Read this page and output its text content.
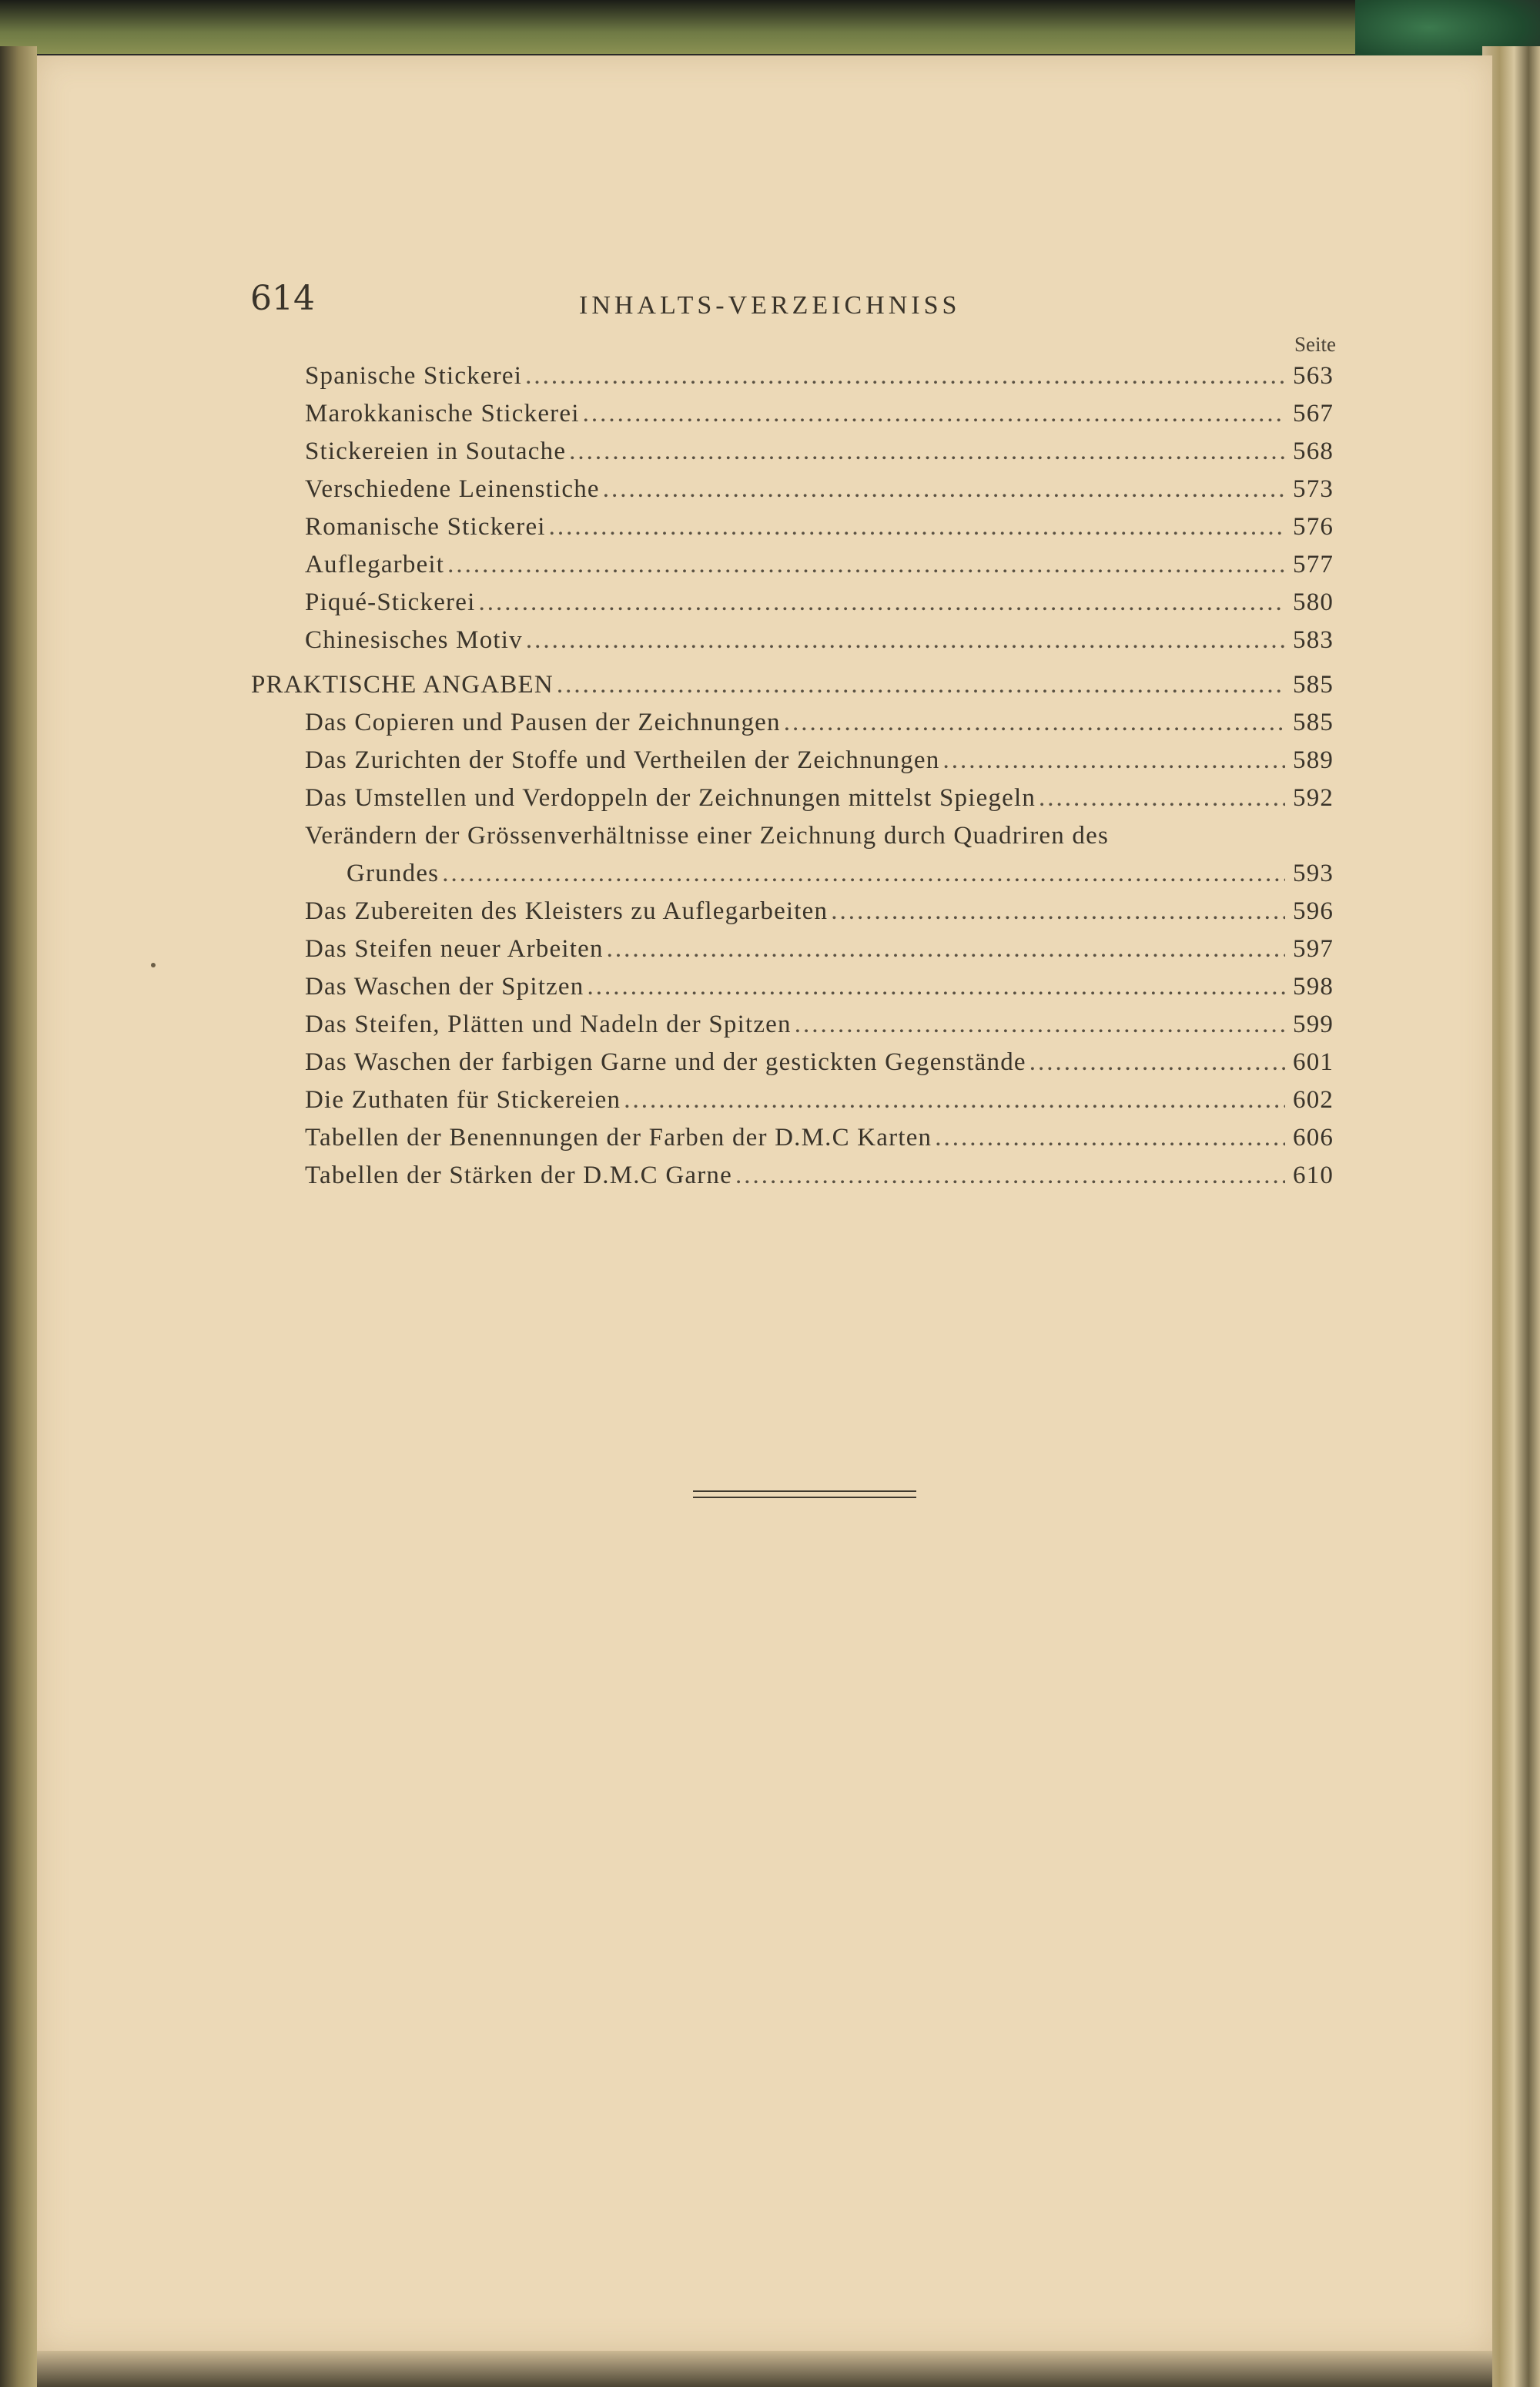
614	INHALTS-VERZEICHNISS
Seite
Spanische Stickerei .....	563
Marokkanische Stickerei .....	567
Stickereien in Soutache .....	568
Verschiedene Leinenstiche .....	573
Romanische Stickerei .....	576
Auflegarbeit .....	577
Piqué-Stickerei .....	580
Chinesisches Motiv .....	583
PRAKTISCHE ANGABEN .....	585
Das Copieren und Pausen der Zeichnungen .....	585
Das Zurichten der Stoffe und Vertheilen der Zeichnungen .....	589
Das Umstellen und Verdoppeln der Zeichnungen mittelst Spiegeln .....	592
Verändern der Grössenverhältnisse einer Zeichnung durch Quadriren des
Grundes .....	593
Das Zubereiten des Kleisters zu Auflegarbeiten .....	596
Das Steifen neuer Arbeiten .....	597
Das Waschen der Spitzen .....	598
Das Steifen, Plätten und Nadeln der Spitzen .....	599
Das Waschen der farbigen Garne und der gestickten Gegenstände .....	601
Die Zuthaten für Stickereien .....	602
Tabellen der Benennungen der Farben der D.M.C Karten .....	606
Tabellen der Stärken der D.M.C Garne .....	610
